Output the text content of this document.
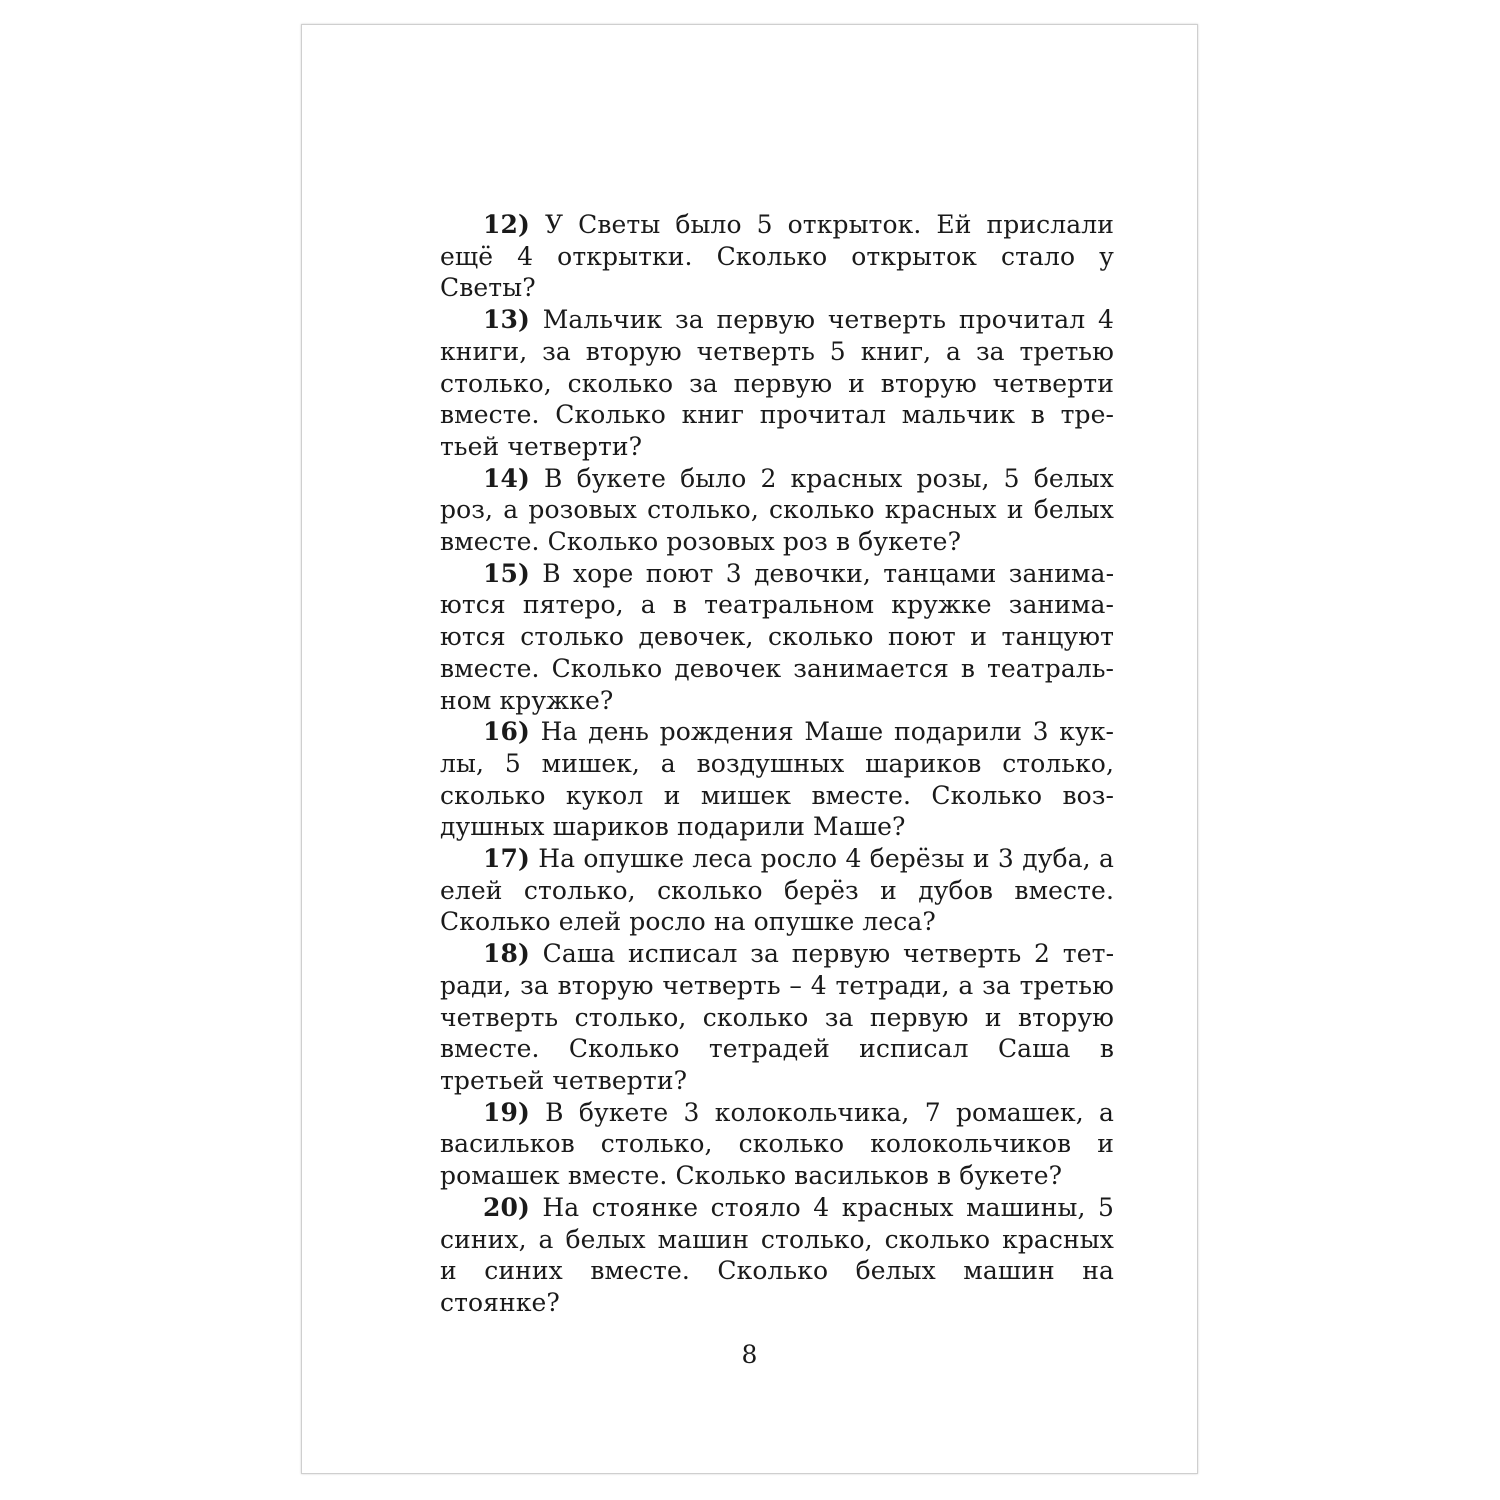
12) У Светы было 5 открыток. Ей прислали ещё 4 открытки. Сколько открыток стало у Светы?

13) Мальчик за первую четверть прочитал 4 книги, за вторую четверть 5 книг, а за третью столько, сколько за первую и вторую четверти вместе. Сколько книг прочитал мальчик в третьей четверти?

14) В букете было 2 красных розы, 5 белых роз, а розовых столько, сколько красных и белых вместе. Сколько розовых роз в букете?

15) В хоре поют 3 девочки, танцами занимаются пятеро, а в театральном кружке занимаются столько девочек, сколько поют и танцуют вместе. Сколько девочек занимается в театральном кружке?

16) На день рождения Маше подарили 3 куклы, 5 мишек, а воздушных шариков столько, сколько кукол и мишек вместе. Сколько воздушных шариков подарили Маше?

17) На опушке леса росло 4 берёзы и 3 дуба, а елей столько, сколько берёз и дубов вместе. Сколько елей росло на опушке леса?

18) Саша исписал за первую четверть 2 тетради, за вторую четверть – 4 тетради, а за третью четверть столько, сколько за первую и вторую вместе. Сколько тетрадей исписал Саша в третьей четверти?

19) В букете 3 колокольчика, 7 ромашек, а васильков столько, сколько колокольчиков и ромашек вместе. Сколько васильков в букете?

20) На стоянке стояло 4 красных машины, 5 синих, а белых машин столько, сколько красных и синих вместе. Сколько белых машин на стоянке?

8
